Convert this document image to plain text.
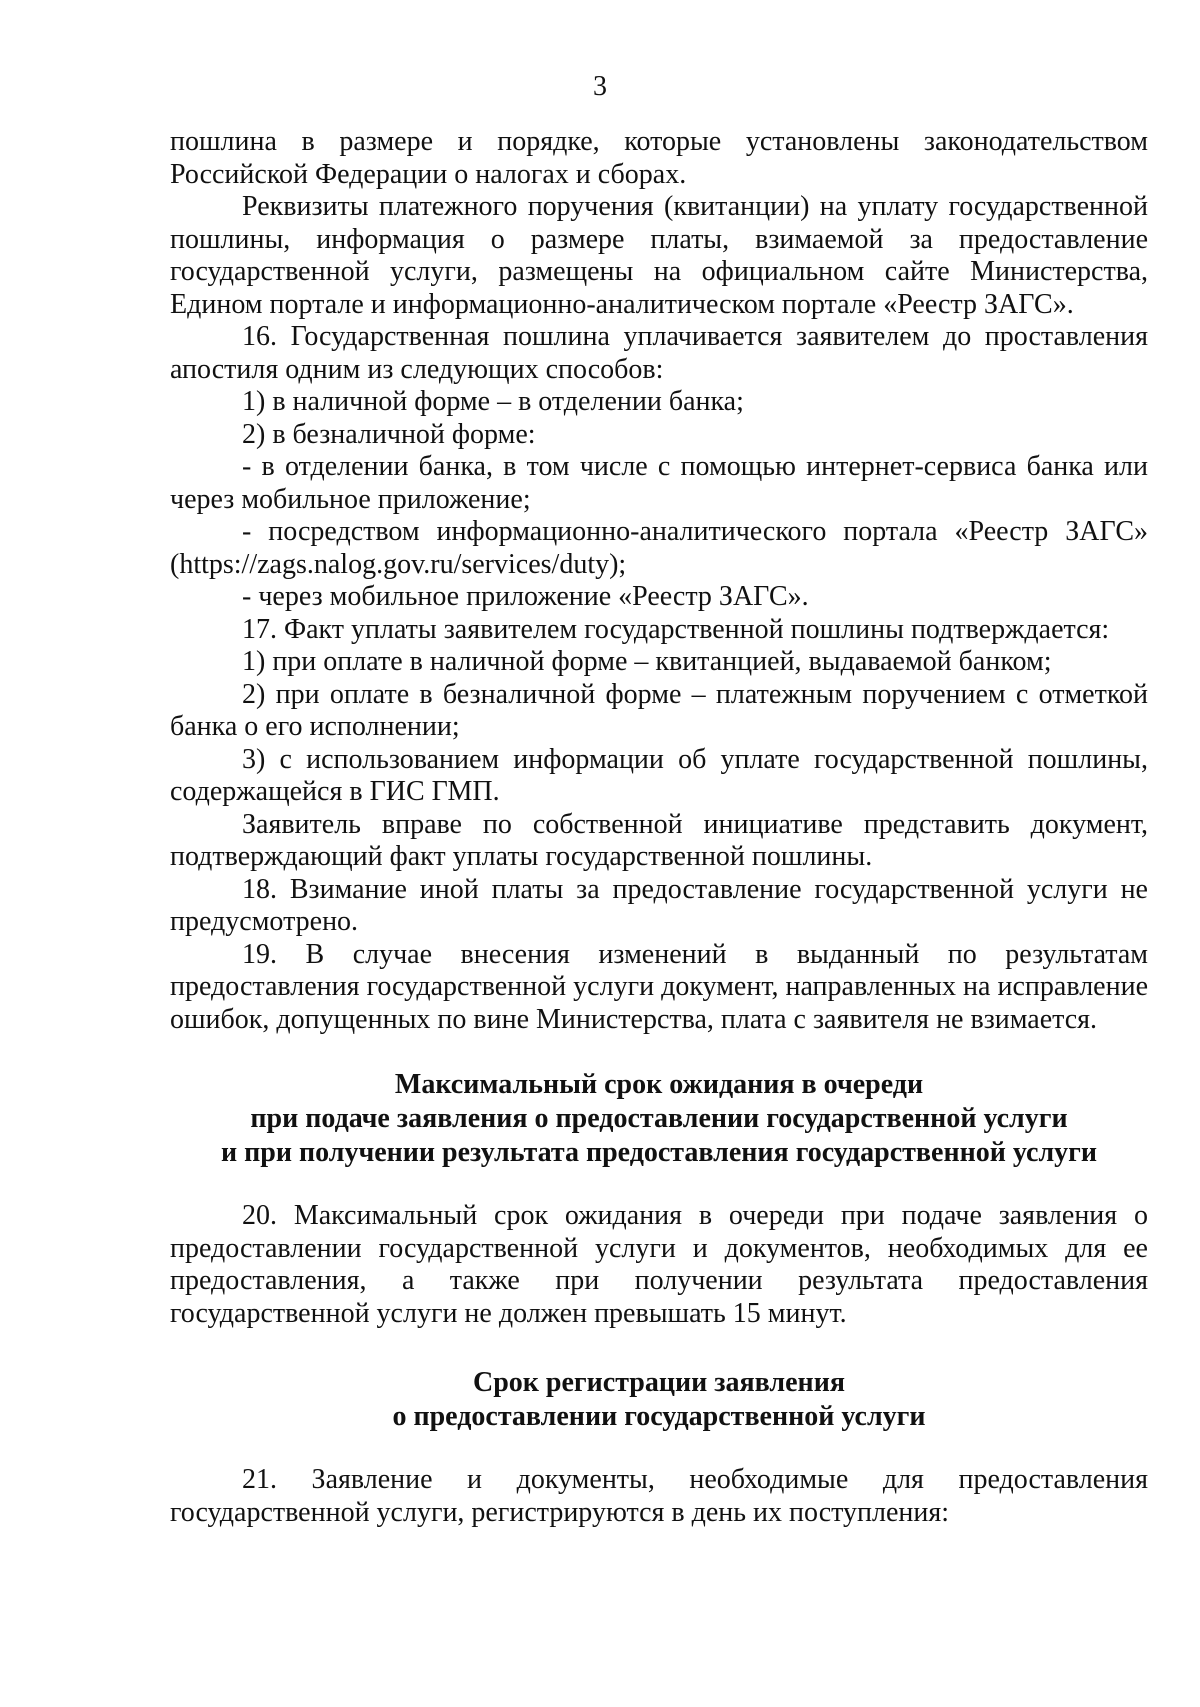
3

пошлина в размере и порядке, которые установлены законодательством Российской Федерации о налогах и сборах.

Реквизиты платежного поручения (квитанции) на уплату государственной пошлины, информация о размере платы, взимаемой за предоставление государственной услуги, размещены на официальном сайте Министерства, Едином портале и информационно-аналитическом портале «Реестр ЗАГС».

16. Государственная пошлина уплачивается заявителем до проставления апостиля одним из следующих способов:

1) в наличной форме – в отделении банка;

2) в безналичной форме:

- в отделении банка, в том числе с помощью интернет-сервиса банка или через мобильное приложение;

- посредством информационно-аналитического портала «Реестр ЗАГС» (https://zags.nalog.gov.ru/services/duty);

- через мобильное приложение «Реестр ЗАГС».

17. Факт уплаты заявителем государственной пошлины подтверждается:

1) при оплате в наличной форме – квитанцией, выдаваемой банком;

2) при оплате в безналичной форме – платежным поручением с отметкой банка о его исполнении;

3) с использованием информации об уплате государственной пошлины, содержащейся в ГИС ГМП.

Заявитель вправе по собственной инициативе представить документ, подтверждающий факт уплаты государственной пошлины.

18. Взимание иной платы за предоставление государственной услуги не предусмотрено.

19. В случае внесения изменений в выданный по результатам предоставления государственной услуги документ, направленных на исправление ошибок, допущенных по вине Министерства, плата с заявителя не взимается.

Максимальный срок ожидания в очереди
при подаче заявления о предоставлении государственной услуги
и при получении результата предоставления государственной услуги

20. Максимальный срок ожидания в очереди при подаче заявления о предоставлении государственной услуги и документов, необходимых для ее предоставления, а также при получении результата предоставления государственной услуги не должен превышать 15 минут.

Срок регистрации заявления
о предоставлении государственной услуги

21. Заявление и документы, необходимые для предоставления государственной услуги, регистрируются в день их поступления:
